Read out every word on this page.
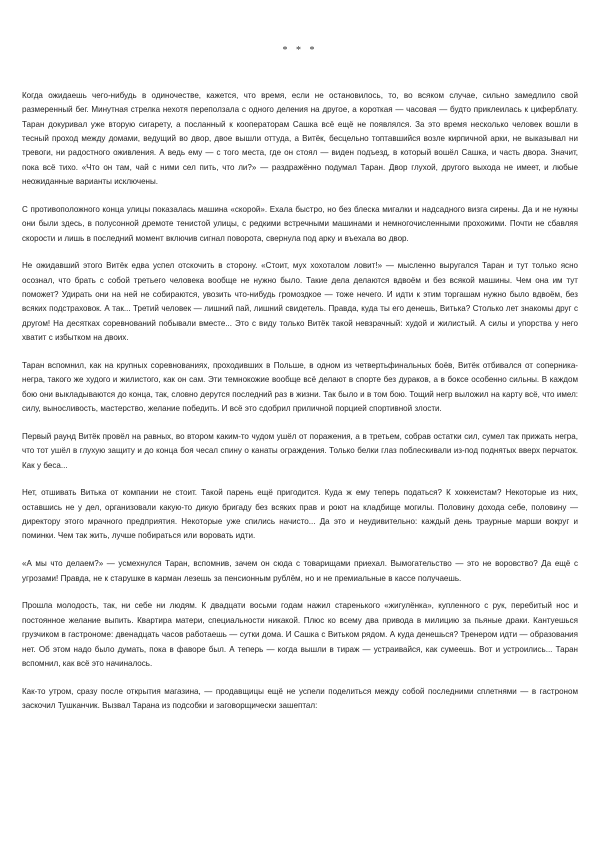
* * *

Когда ожидаешь чего-нибудь в одиночестве, кажется, что время, если не остановилось, то, во всяком случае, сильно замедлило свой размеренный бег. Минутная стрелка нехотя переползала с одного деления на другое, а короткая — часовая — будто приклеилась к циферблату. Таран докуривал уже вторую сигарету, а посланный к кооператорам Сашка всё ещё не появлялся. За это время несколько человек вошли в тесный проход между домами, ведущий во двор, двое вышли оттуда, а Витёк, бесцельно топтавшийся возле кирпичной арки, не выказывал ни тревоги, ни радостного оживления. А ведь ему — с того места, где он стоял — виден подъезд, в который вошёл Сашка, и часть двора. Значит, пока всё тихо. «Что он там, чай с ними сел пить, что ли?» — раздражённо подумал Таран. Двор глухой, другого выхода не имеет, и любые неожиданные варианты исключены.

С противоположного конца улицы показалась машина «скорой». Ехала быстро, но без блеска мигалки и надсадного визга сирены. Да и не нужны они были здесь, в полусонной дремоте тенистой улицы, с редкими встречными машинами и немногочисленными прохожими. Почти не сбавляя скорости и лишь в последний момент включив сигнал поворота, свернула под арку и въехала во двор.

Не ожидавший этого Витёк едва успел отскочить в сторону. «Стоит, мух хохоталом ловит!» — мысленно выругался Таран и тут только ясно осознал, что брать с собой третьего человека вообще не нужно было. Такие дела делаются вдвоём и без всякой машины. Чем она им тут поможет? Удирать они на ней не собираются, увозить что-нибудь громоздкое — тоже нечего. И идти к этим торгашам нужно было вдвоём, без всяких подстраховок. А так... Третий человек — лишний пай, лишний свидетель. Правда, куда ты его денешь, Витька? Столько лет знакомы друг с другом! На десятках соревнований побывали вместе... Это с виду только Витёк такой невзрачный: худой и жилистый. А силы и упорства у него хватит с избытком на двоих.

Таран вспомнил, как на крупных соревнованиях, проходивших в Польше, в одном из четвертьфинальных боёв, Витёк отбивался от соперника-негра, такого же худого и жилистого, как он сам. Эти темнокожие вообще всё делают в спорте без дураков, а в боксе особенно сильны. В каждом бою они выкладываются до конца, так, словно дерутся последний раз в жизни. Так было и в том бою. Тощий негр выложил на карту всё, что имел: силу, выносливость, мастерство, желание победить. И всё это сдобрил приличной порцией спортивной злости.

Первый раунд Витёк провёл на равных, во втором каким-то чудом ушёл от поражения, а в третьем, собрав остатки сил, сумел так прижать негра, что тот ушёл в глухую защиту и до конца боя чесал спину о канаты ограждения. Только белки глаз поблескивали из-под поднятых вверх перчаток. Как у беса...

Нет, отшивать Витька от компании не стоит. Такой парень ещё пригодится. Куда ж ему теперь податься? К хоккеистам? Некоторые из них, оставшись не у дел, организовали какую-то дикую бригаду без всяких прав и роют на кладбище могилы. Половину дохода себе, половину — директору этого мрачного предприятия. Некоторые уже спились начисто... Да это и неудивительно: каждый день траурные марши вокруг и поминки. Чем так жить, лучше побираться или воровать идти.

«А мы что делаем?» — усмехнулся Таран, вспомнив, зачем он сюда с товарищами приехал. Вымогательство — это не воровство? Да ещё с угрозами! Правда, не к старушке в карман лезешь за пенсионным рублём, но и не премиальные в кассе получаешь.

Прошла молодость, так, ни себе ни людям. К двадцати восьми годам нажил старенького «жигулёнка», купленного с рук, перебитый нос и постоянное желание выпить. Квартира матери, специальности никакой. Плюс ко всему два привода в милицию за пьяные драки. Кантуешься грузчиком в гастрономе: двенадцать часов работаешь — сутки дома. И Сашка с Витьком рядом. А куда денешься? Тренером идти — образования нет. Об этом надо было думать, пока в фаворе был. А теперь — когда вышли в тираж — устраивайся, как сумеешь. Вот и устроились... Таран вспомнил, как всё это начиналось.

Как-то утром, сразу после открытия магазина, — продавщицы ещё не успели поделиться между собой последними сплетнями — в гастроном заскочил Тушканчик. Вызвал Тарана из подсобки и заговорщически зашептал:
